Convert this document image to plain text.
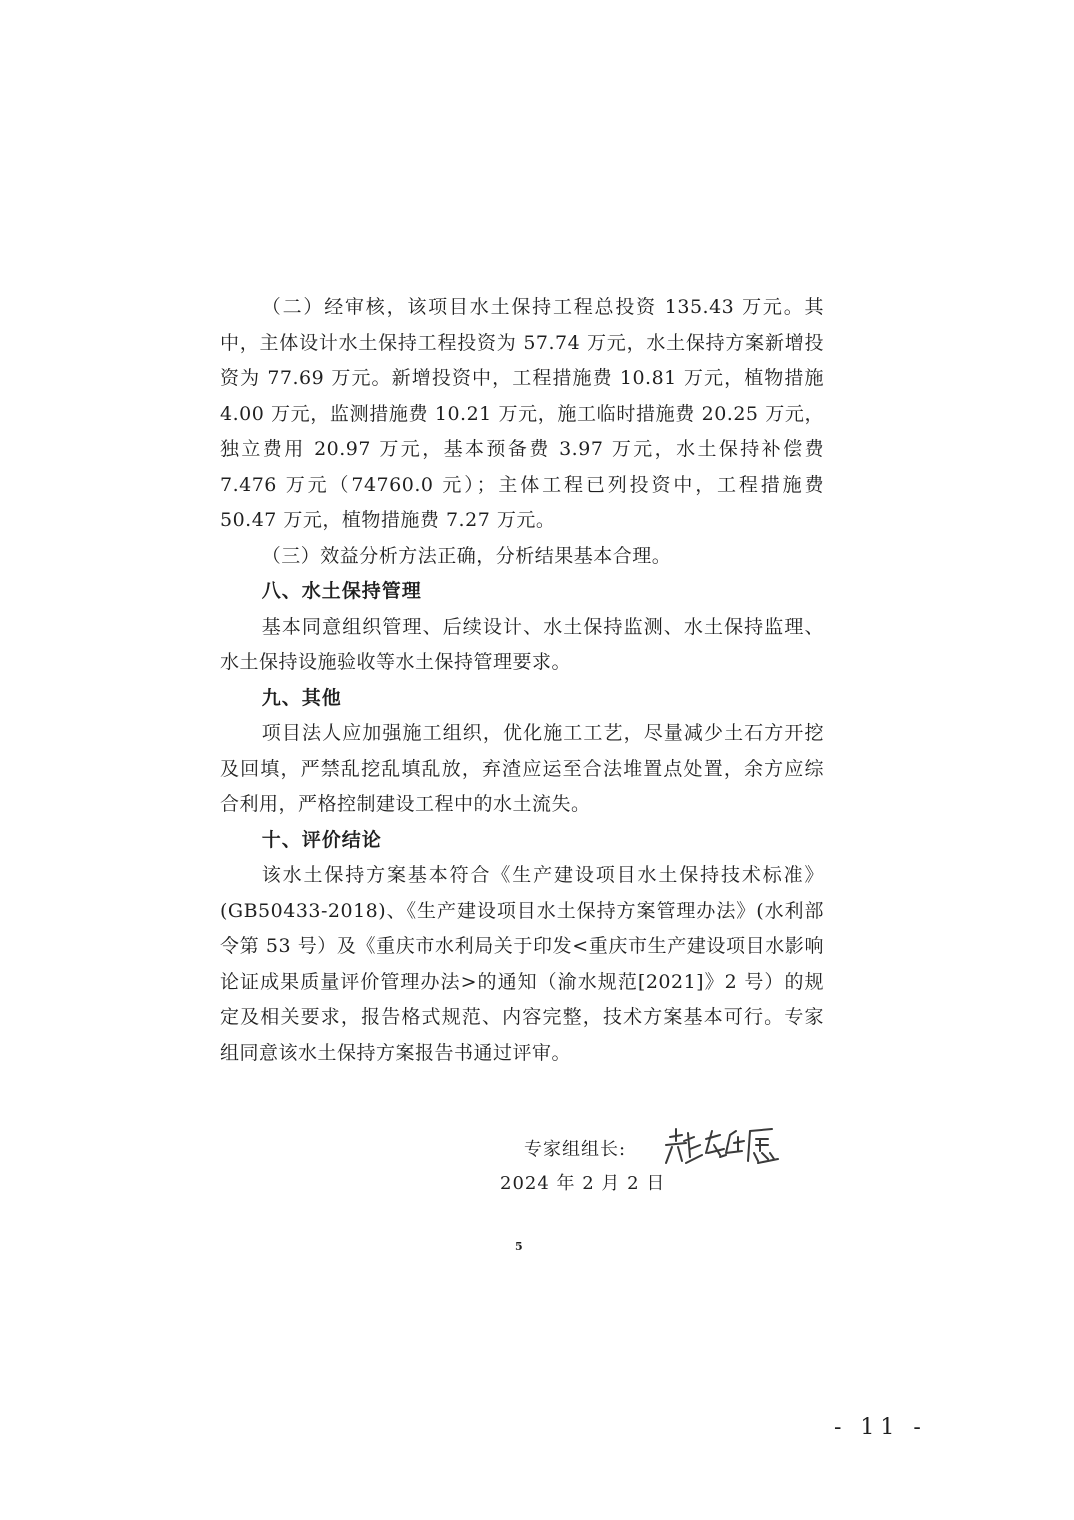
（二）经审核，该项目水土保持工程总投资 135.43 万元。其中，主体设计水土保持工程投资为 57.74 万元，水土保持方案新增投资为 77.69 万元。新增投资中，工程措施费 10.81 万元，植物措施 4.00 万元，监测措施费 10.21 万元，施工临时措施费 20.25 万元，独立费用 20.97 万元，基本预备费 3.97 万元，水土保持补偿费 7.476 万元（74760.0 元）；主体工程已列投资中，工程措施费 50.47 万元，植物措施费 7.27 万元。

（三）效益分析方法正确，分析结果基本合理。

八、水土保持管理

基本同意组织管理、后续设计、水土保持监测、水土保持监理、水土保持设施验收等水土保持管理要求。

九、其他

项目法人应加强施工组织，优化施工工艺，尽量减少土石方开挖及回填，严禁乱挖乱填乱放，弃渣应运至合法堆置点处置，余方应综合利用，严格控制建设工程中的水土流失。

十、评价结论

该水土保持方案基本符合《生产建设项目水土保持技术标准》(GB50433-2018)、《生产建设项目水土保持方案管理办法》(水利部令第 53 号）及《重庆市水利局关于印发<重庆市生产建设项目水影响论证成果质量评价管理办法>的通知（渝水规范[2021]》2 号）的规定及相关要求，报告格式规范、内容完整，技术方案基本可行。专家组同意该水土保持方案报告书通过评审。

专家组组长:
2024 年 2 月 2 日
5
- 11 -
